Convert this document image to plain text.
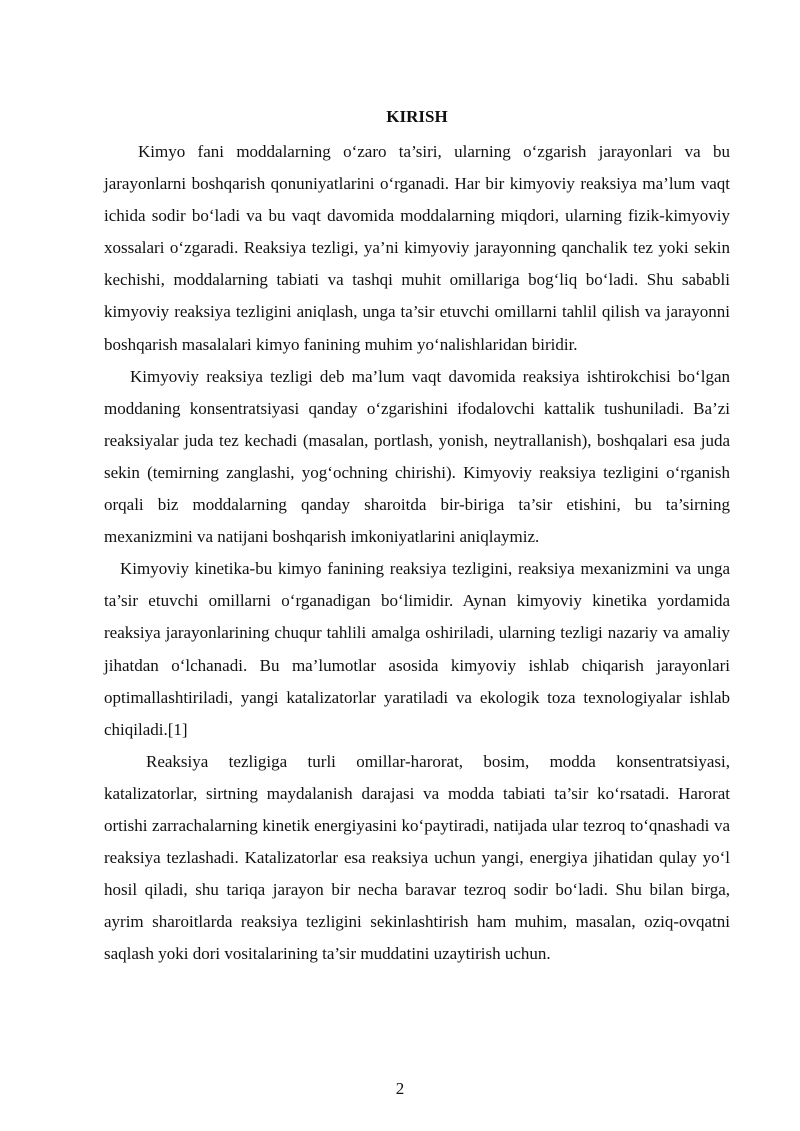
KIRISH

Kimyo fani moddalarning o‘zaro ta’siri, ularning o‘zgarish jarayonlari va bu jarayonlarni boshqarish qonuniyatlarini o‘rganadi. Har bir kimyoviy reaksiya ma’lum vaqt ichida sodir bo‘ladi va bu vaqt davomida moddalarning miqdori, ularning fizik-kimyoviy xossalari o‘zgaradi. Reaksiya tezligi, ya’ni kimyoviy jarayonning qanchalik tez yoki sekin kechishi, moddalarning tabiati va tashqi muhit omillariga bog‘liq bo‘ladi. Shu sababli kimyoviy reaksiya tezligini aniqlash, unga ta’sir etuvchi omillarni tahlil qilish va jarayonni boshqarish masalalari kimyo fanining muhim yo‘nalishlaridan biridir.

Kimyoviy reaksiya tezligi deb ma’lum vaqt davomida reaksiya ishtirokchisi bo‘lgan moddaning konsentratsiyasi qanday o‘zgarishini ifodalovchi kattalik tushuniladi. Ba’zi reaksiyalar juda tez kechadi (masalan, portlash, yonish, neytrallanish), boshqalari esa juda sekin (temirning zanglashi, yog‘ochning chirishi). Kimyoviy reaksiya tezligini o‘rganish orqali biz moddalarning qanday sharoitda bir-biriga ta’sir etishini, bu ta’sirning mexanizmini va natijani boshqarish imkoniyatlarini aniqlaymiz.

Kimyoviy kinetika-bu kimyo fanining reaksiya tezligini, reaksiya mexanizmini va unga ta’sir etuvchi omillarni o‘rganadigan bo‘limidir. Aynan kimyoviy kinetika yordamida reaksiya jarayonlarining chuqur tahlili amalga oshiriladi, ularning tezligi nazariy va amaliy jihatdan o‘lchanadi. Bu ma’lumotlar asosida kimyoviy ishlab chiqarish jarayonlari optimallashtiriladi, yangi katalizatorlar yaratiladi va ekologik toza texnologiyalar ishlab chiqiladi.[1]

Reaksiya tezligiga turli omillar-harorat, bosim, modda konsentratsiyasi, katalizatorlar, sirtning maydalanish darajasi va modda tabiati ta’sir ko‘rsatadi. Harorat ortishi zarrachalarning kinetik energiyasini ko‘paytiradi, natijada ular tezroq to‘qnashadi va reaksiya tezlashadi. Katalizatorlar esa reaksiya uchun yangi, energiya jihatidan qulay yo‘l hosil qiladi, shu tariqa jarayon bir necha baravar tezroq sodir bo‘ladi. Shu bilan birga, ayrim sharoitlarda reaksiya tezligini sekinlashtirish ham muhim, masalan, oziq-ovqatni saqlash yoki dori vositalarining ta’sir muddatini uzaytirish uchun.

2
